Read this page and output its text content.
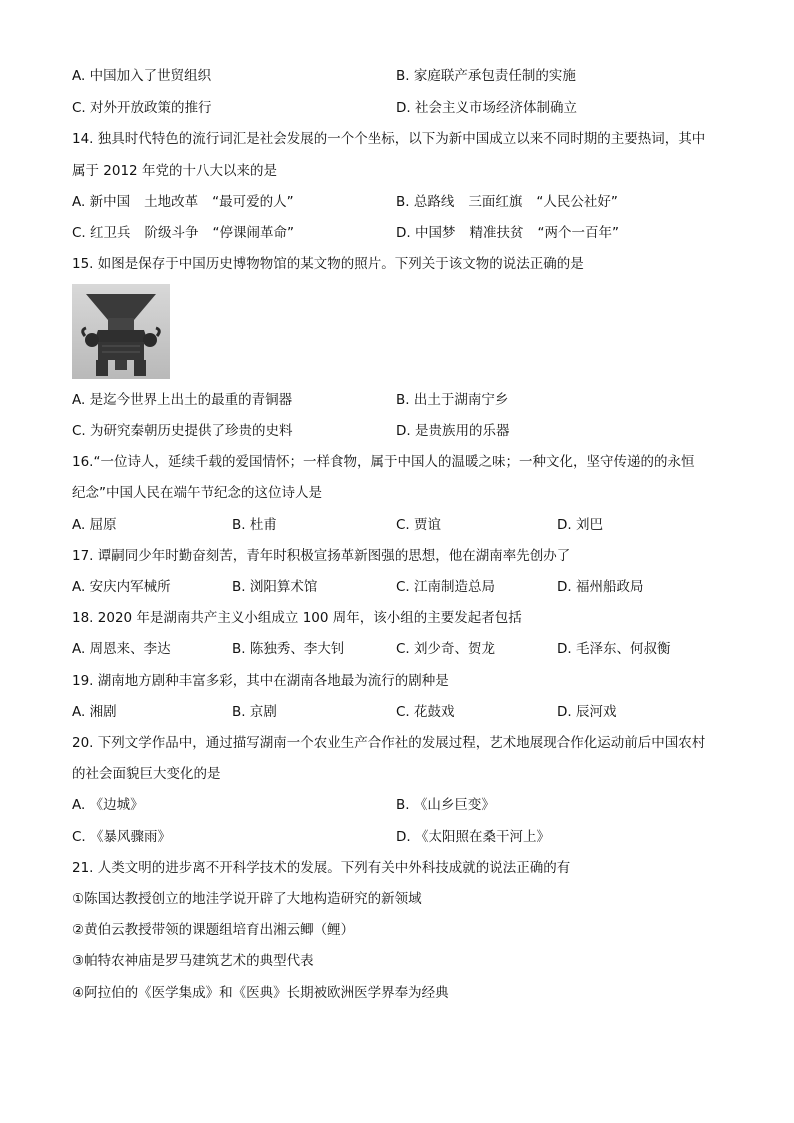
A. 中国加入了世贸组织	B. 家庭联产承包责任制的实施
C. 对外开放政策的推行	D. 社会主义市场经济体制确立
14. 独具时代特色的流行词汇是社会发展的一个个坐标，以下为新中国成立以来不同时期的主要热词，其中
属于 2012 年党的十八大以来的是
A. 新中国 土地改革 “最可爱的人”	B. 总路线 三面红旗 “人民公社好”
C. 红卫兵 阶级斗争 “停课闹革命”	D. 中国梦 精准扶贫 “两个一百年”
15. 如图是保存于中国历史博物物馆的某文物的照片。下列关于该文物的说法正确的是
A. 是迄今世界上出土的最重的青铜器	B. 出土于湖南宁乡
C. 为研究秦朝历史提供了珍贵的史料	D. 是贵族用的乐器
16.“一位诗人，延续千载的爱国情怀；一样食物，属于中国人的温暖之味；一种文化，坚守传递的的永恒
纪念”中国人民在端午节纪念的这位诗人是
A. 屈原	B. 杜甫	C. 贾谊	D. 刘巴
17. 谭嗣同少年时勤奋刻苦，青年时积极宣扬革新图强的思想，他在湖南率先创办了
A. 安庆内军械所	B. 浏阳算术馆	C. 江南制造总局	D. 福州船政局
18. 2020 年是湖南共产主义小组成立 100 周年，该小组的主要发起者包括
A. 周恩来、李达	B. 陈独秀、李大钊	C. 刘少奇、贺龙	D. 毛泽东、何叔衡
19. 湖南地方剧种丰富多彩，其中在湖南各地最为流行的剧种是
A. 湘剧	B. 京剧	C. 花鼓戏	D. 辰河戏
20. 下列文学作品中，通过描写湖南一个农业生产合作社的发展过程，艺术地展现合作化运动前后中国农村
的社会面貌巨大变化的是
A. 《边城》	B. 《山乡巨变》
C. 《暴风骤雨》	D. 《太阳照在桑干河上》
21. 人类文明的进步离不开科学技术的发展。下列有关中外科技成就的说法正确的有
①陈国达教授创立的地洼学说开辟了大地构造研究的新领域
②黄伯云教授带领的课题组培育出湘云鲫（鲤）
③帕特农神庙是罗马建筑艺术的典型代表
④阿拉伯的《医学集成》和《医典》长期被欧洲医学界奉为经典
